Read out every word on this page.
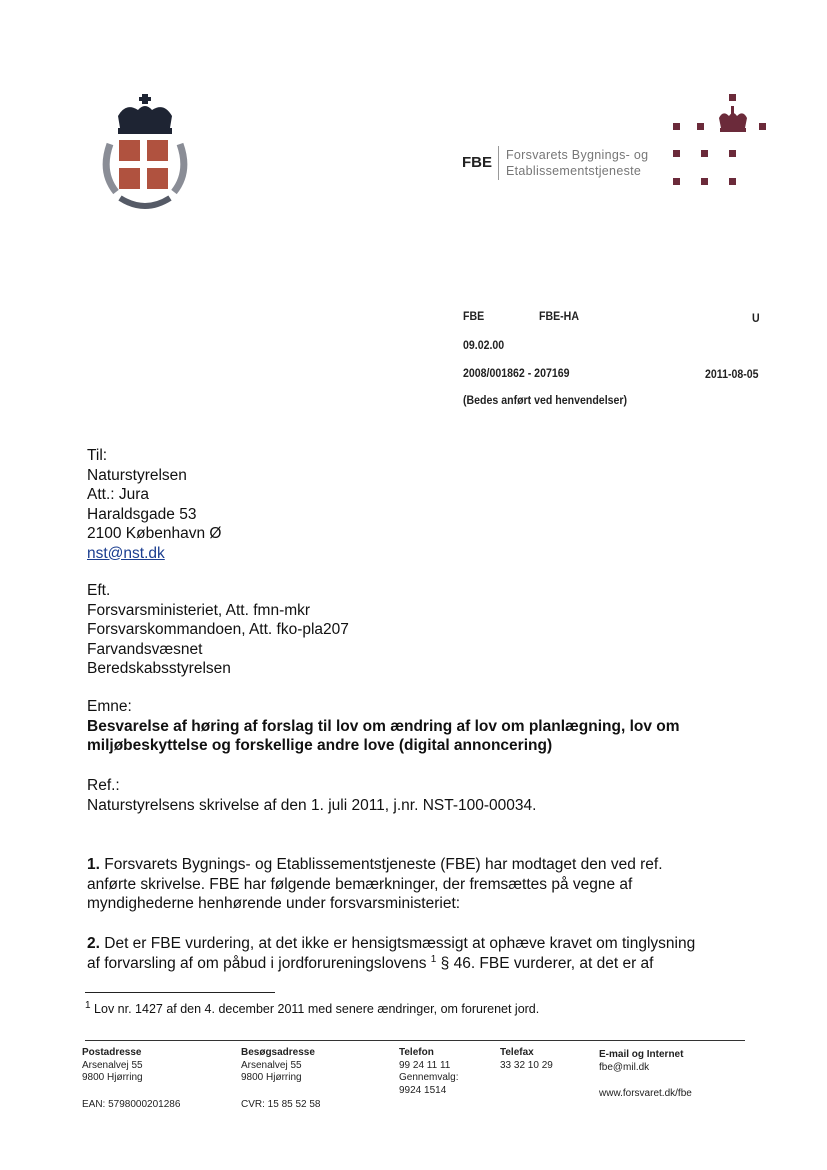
FBE Forsvarets Bygnings- og
Etablissementstjeneste
FBE	FBE-HA	U
09.02.00
2008/001862 - 207169	2011-08-05
(Bedes anført ved henvendelser)
Til:
Naturstyrelsen
Att.: Jura
Haraldsgade 53
2100 København Ø
nst@nst.dk
Eft.
Forsvarsministeriet, Att. fmn-mkr
Forsvarskommandoen, Att. fko-pla207
Farvandsvæsnet
Beredskabsstyrelsen
Emne:
Besvarelse af høring af forslag til lov om ændring af lov om planlægning, lov om
miljøbeskyttelse og forskellige andre love (digital annoncering)
Ref.:
Naturstyrelsens skrivelse af den 1. juli 2011, j.nr. NST-100-00034.
1. Forsvarets Bygnings- og Etablissementstjeneste (FBE) har modtaget den ved ref.
anførte skrivelse. FBE har følgende bemærkninger, der fremsættes på vegne af
myndighederne henhørende under forsvarsministeriet:
2. Det er FBE vurdering, at det ikke er hensigtsmæssigt at ophæve kravet om tinglysning
af forvarsling af om påbud i jordforureningslovens $^1$ § 46. FBE vurderer, at det er af
$^1$ Lov nr. 1427 af den 4. december 2011 med senere ændringer, om forurenet jord.
Postadresse
Arsenalvej 55
9800 Hjørring
EAN: 5798000201286
Besøgsadresse
Arsenalvej 55
9800 Hjørring
CVR: 15 85 52 58
Telefon
99 24 11 11
Gennemvalg:
9924 1514
Telefax
33 32 10 29
E-mail og Internet
fbe@mil.dk
www.forsvaret.dk/fbe
